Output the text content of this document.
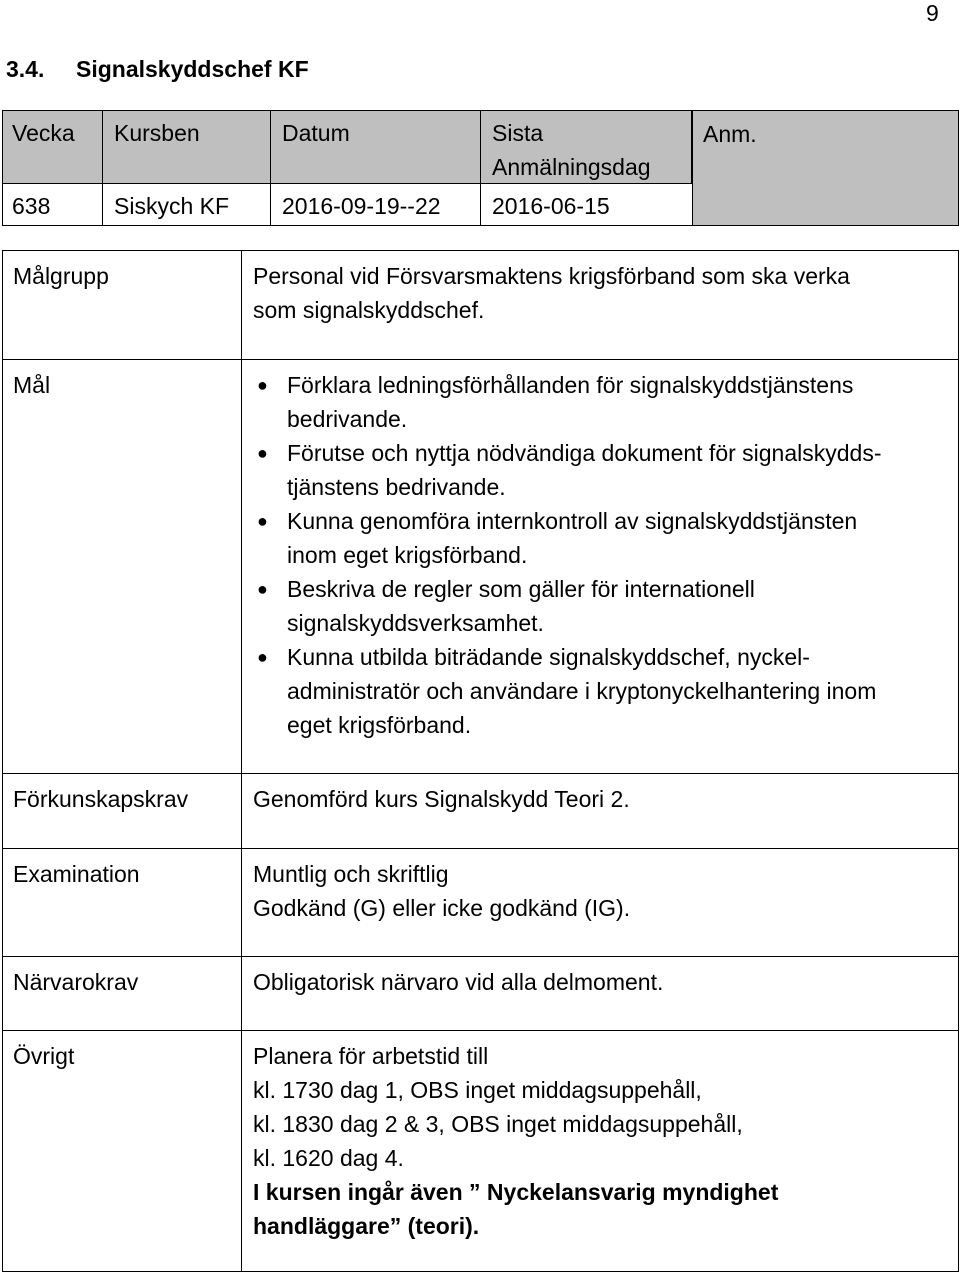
9
3.4. Signalskyddschef KF
Vecka	Kursben	Datum	Sista
Anmälningsdag
Anm.
638	Siskych KF	2016-09-19--22	2016-06-15
Målgrupp	Personal vid Försvarsmaktens krigsförband som ska verka
som signalskyddschef.
Mål	● Förklara ledningsförhållanden för signalskyddstjänstens
bedrivande.
● Förutse och nyttja nödvändiga dokument för signalskydds-
tjänstens bedrivande.
● Kunna genomföra internkontroll av signalskyddstjänsten
inom eget krigsförband.
● Beskriva de regler som gäller för internationell
signalskyddsverksamhet.
● Kunna utbilda biträdande signalskyddschef, nyckel-
administratör och användare i kryptonyckelhantering inom
eget krigsförband.
Förkunskapskrav	Genomförd kurs Signalskydd Teori 2.
Examination	Muntlig och skriftlig
Godkänd (G) eller icke godkänd (IG).
Närvarokrav	Obligatorisk närvaro vid alla delmoment.
Övrigt	Planera för arbetstid till
kl. 1730 dag 1, OBS inget middagsuppehåll,
kl. 1830 dag 2 & 3, OBS inget middagsuppehåll,
kl. 1620 dag 4.
I kursen ingår även ” Nyckelansvarig myndighet
handläggare” (teori).
